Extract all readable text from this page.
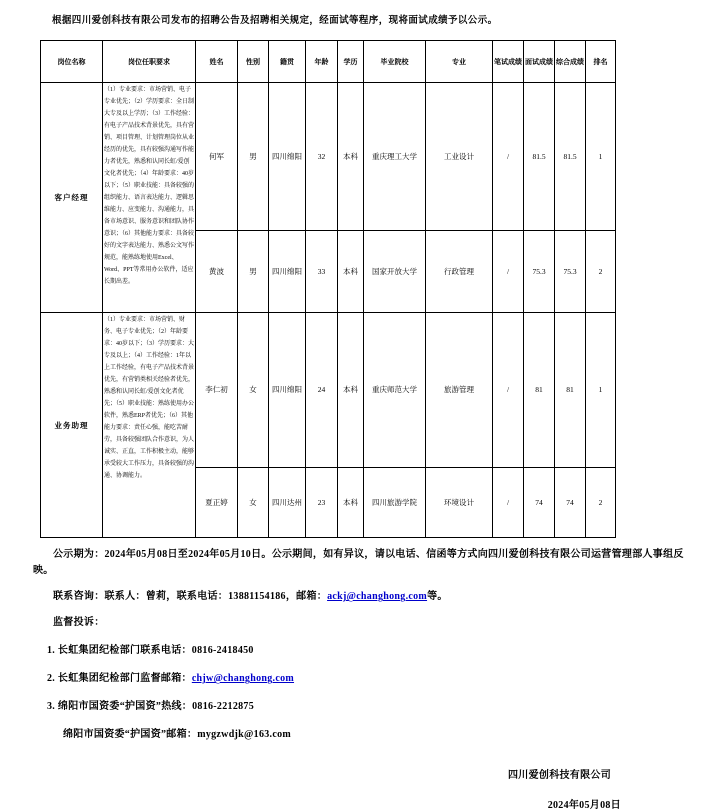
根据四川爱创科技有限公司发布的招聘公告及招聘相关规定，经面试等程序，现将面试成绩予以公示。

岗位名称	岗位任职要求	姓名	性别	籍贯	年龄	学历	毕业院校	专业	笔试成绩	面试成绩	综合成绩	排名
客户经理	（1）专业要求：市场营销、电子专业优先；（2）学历要求：全日制大专及以上学历；（3）工作经验：有电子产品技术背景优先，具有营销、项目管理、计划管理岗位从业经历的优先，具有较强沟通写作能力者优先，熟悉和认同长虹/爱创文化者优先；（4）年龄要求：40岁以下；（5）职业技能：具备较强的组织能力、语言表达能力、逻辑思维能力、应变能力、沟通能力，具备市场意识、服务意识和团队协作意识；（6）其他能力要求：具备较好的文字表达能力、熟悉公文写作规范，能熟练地使用Excel、Word、PPT等常用办公软件，适应长期出差。	何军	男	四川绵阳	32	本科	重庆理工大学	工业设计	/	81.5	81.5	1
		黄波	男	四川绵阳	33	本科	国家开放大学	行政管理	/	75.3	75.3	2
业务助理	（1）专业要求：市场营销、财务、电子专业优先；（2）年龄要求：40岁以下；（3）学历要求：大专及以上；（4）工作经验：1年以上工作经验，有电子产品技术背景优先，有营销类相关经验者优先，熟悉和认同长虹/爱创文化者优先；（5）职业技能：熟练使用办公软件，熟悉ERP者优先；（6）其他能力要求：责任心强，能吃苦耐劳，具备较强团队合作意识，为人诚实、正直，工作积极主动，能够承受较大工作压力，具备较强的沟通、协调能力。	李仁初	女	四川绵阳	24	本科	重庆师范大学	旅游管理	/	81	81	1
		夏正婷	女	四川达州	23	本科	四川旅游学院	环境设计	/	74	74	2

公示期为：2024年05月08日至2024年05月10日。公示期间，如有异议，请以电话、信函等方式向四川爱创科技有限公司运营管理部人事组反映。

联系咨询：联系人：曾莉，联系电话：13881154186，邮箱：ackj@changhong.com等。
监督投诉：
1. 长虹集团纪检部门联系电话：0816-2418450
2. 长虹集团纪检部门监督邮箱：chjw@changhong.com
3. 绵阳市国资委“护国资”热线：0816-2212875
绵阳市国资委“护国资”邮箱：mygzwdjk@163.com
四川爱创科技有限公司
2024年05月08日
